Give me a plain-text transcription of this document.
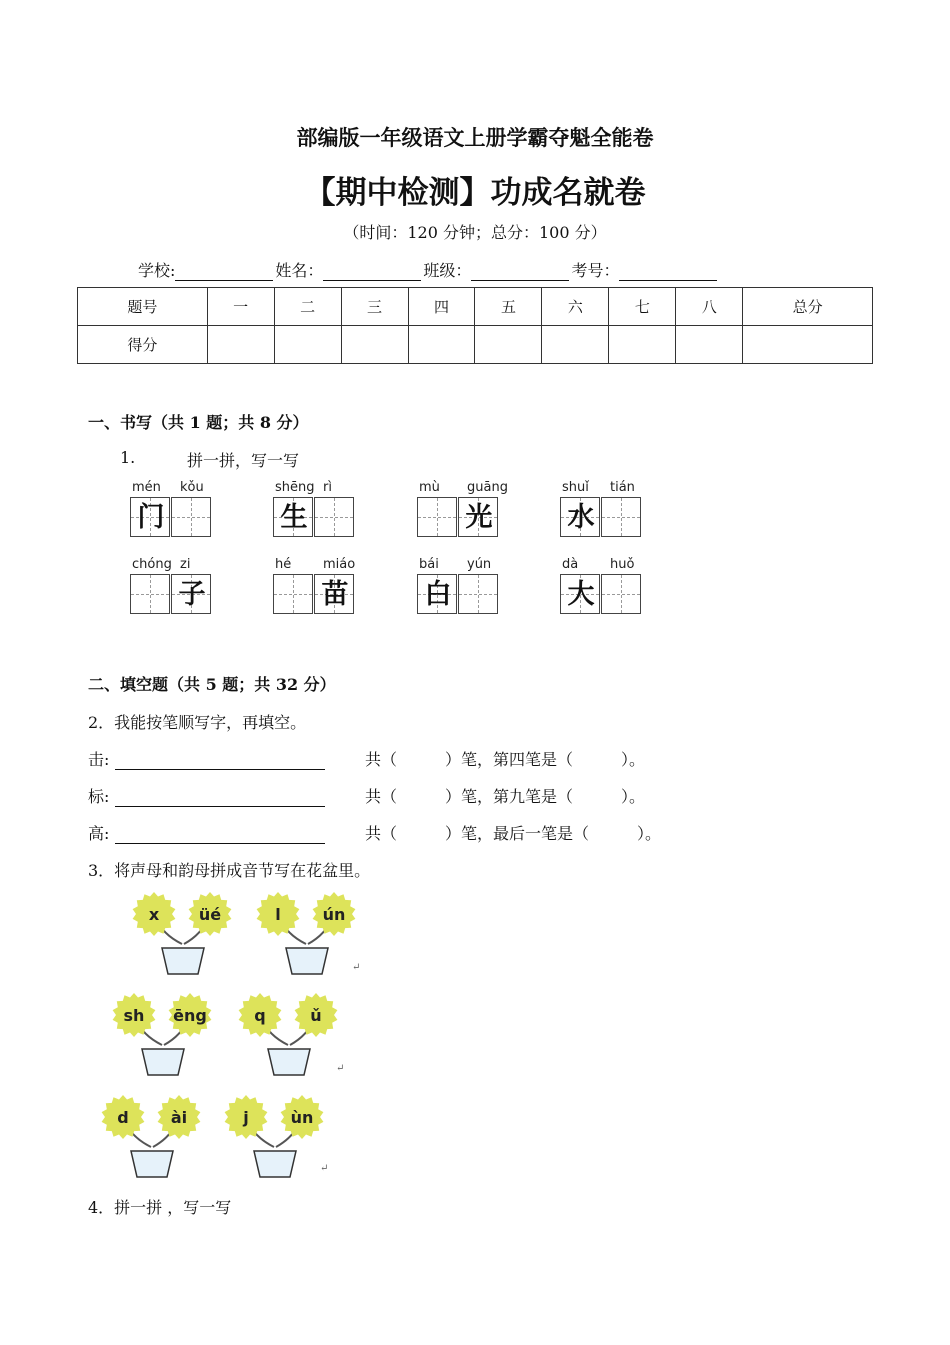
部编版一年级语文上册学霸夺魁全能卷
【期中检测】功成名就卷
（时间：120 分钟；总分：100 分）
学校:	姓名：	班级：	考号：
题号	一	二	三	四	五	六	七	八	总分
得分									
一、书写（共 1 题；共 8 分）
1.	拼一拼，写一写
mén kǒu
门
shēng rì
生
mù guāng
光
shuǐ tián
水
chóng zi
子
hé miáo
苗
bái yún
白
dà huǒ
大
二、填空题（共 5 题；共 32 分）
2．我能按笔顺写字，再填空。
击:	共（　　　）笔，第四笔是（　　　）。
标:	共（　　　）笔，第九笔是（　　　）。
高:	共（　　　）笔，最后一笔是（　　　）。
3．将声母和韵母拼成音节写在花盆里。
x üé	l	ún
sh ēng	q	ǔ
d	ài	j	ùn
↵
↵
↵
4．拼一拼 ，写一写
